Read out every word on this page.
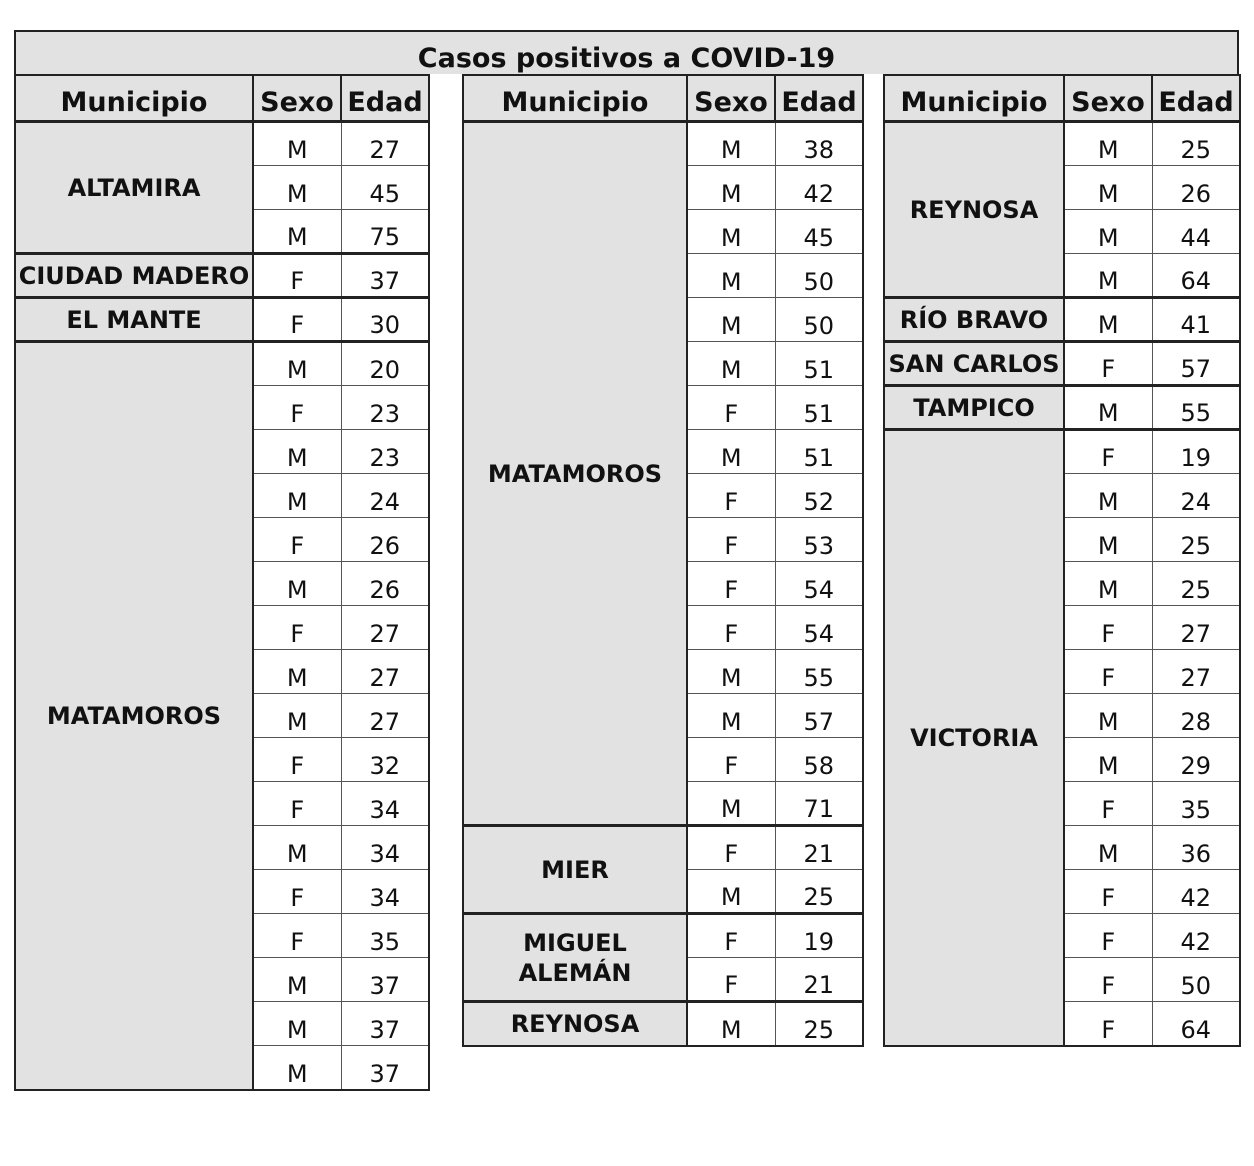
Casos positivos a COVID-19
Municipio	Sexo	Edad
ALTAMIRA	M	27
	M	45
	M	75
CIUDAD MADERO	F	37
EL MANTE	F	30
MATAMOROS	M	20
	F	23
	M	23
	M	24
	F	26
	M	26
	F	27
	M	27
	M	27
	F	32
	F	34
	M	34
	F	34
	F	35
	M	37
	M	37
	M	37
Municipio	Sexo	Edad
MATAMOROS	M	38
	M	42
	M	45
	M	50
	M	50
	M	51
	F	51
	M	51
	F	52
	F	53
	F	54
	F	54
	M	55
	M	57
	F	58
	M	71
MIER	F	21
	M	25
MIGUEL ALEMÁN	F	19
	F	21
REYNOSA	M	25
Municipio	Sexo	Edad
REYNOSA	M	25
	M	26
	M	44
	M	64
RÍO BRAVO	M	41
SAN CARLOS	F	57
TAMPICO	M	55
VICTORIA	F	19
	M	24
	M	25
	M	25
	F	27
	F	27
	M	28
	M	29
	F	35
	M	36
	F	42
	F	42
	F	50
	F	64
